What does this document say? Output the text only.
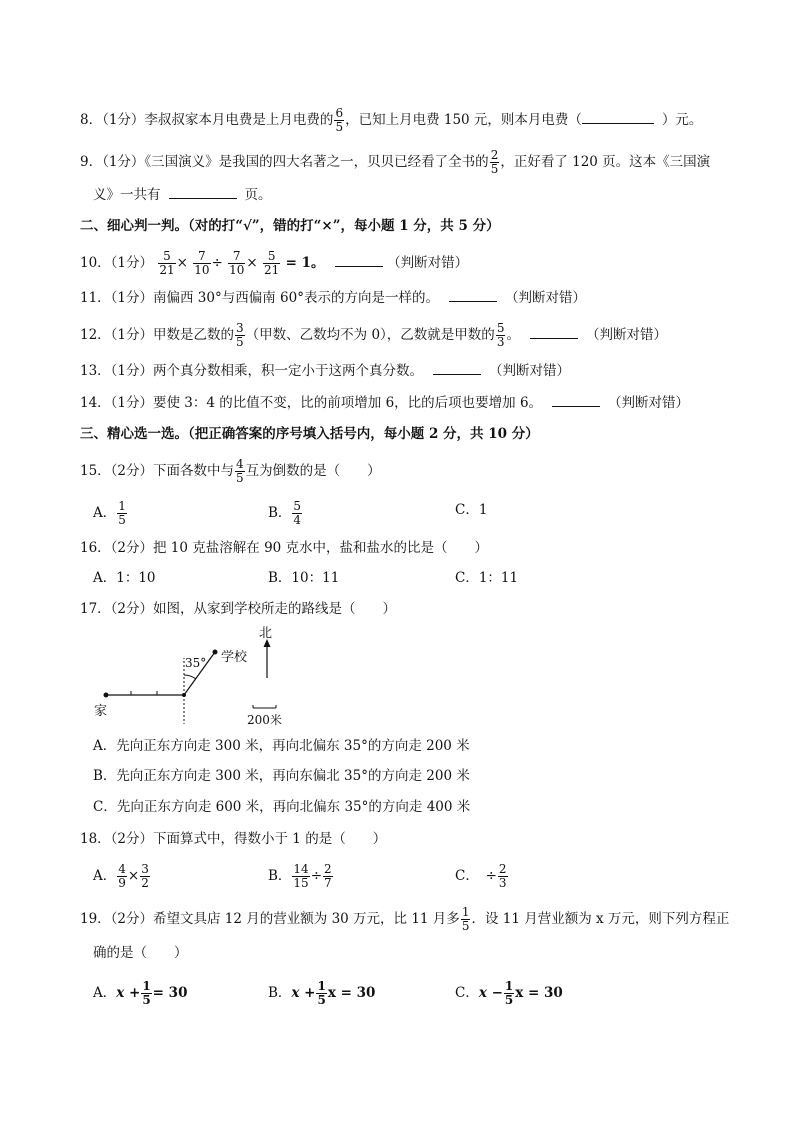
8．（1分）李叔叔家本月电费是上月电费的 $\frac{6}{5}$ ，已知上月电费 150 元，则本月电费（	）元。
9．（1分）《三国演义》是我国的四大名著之一，贝贝已经看了全书的 $\frac{2}{5}$ ，正好看了 120 页。这本《三国演
义》一共有	页。
二、细心判一判。（对的打“√”，错的打“×”，每小题 1 分，共 5 分）
10．（1分） $\frac{5}{21} \times \frac{7}{10} \div \frac{7}{10} \times \frac{5}{21} = 1$。	（判断对错）
11．（1分）南偏西 30°与西偏南 60°表示的方向是一样的。	（判断对错）
12．（1分）甲数是乙数的 $\frac{3}{5}$ （甲数、乙数均不为 0），乙数就是甲数的 $\frac{5}{3}$ 。	（判断对错）
13．（1分）两个真分数相乘，积一定小于这两个真分数。	（判断对错）
14．（1分）要使 3：4 的比值不变，比的前项增加 6，比的后项也要增加 6。	（判断对错）
三、精心选一选。（把正确答案的序号填入括号内，每小题 2 分，共 10 分）
15．（2分）下面各数中与 $\frac{4}{5}$ 互为倒数的是（　　）
A． $\frac{1}{5}$	B． $\frac{5}{4}$	C．1
16．（2分）把 10 克盐溶解在 90 克水中，盐和盐水的比是（　　）
A．1：10	B．10：11	C．1：11
17．（2分）如图，从家到学校所走的路线是（　　）
家
学校
北
35°
200米
A．先向正东方向走 300 米，再向北偏东 35°的方向走 200 米
B．先向正东方向走 300 米，再向东偏北 35°的方向走 200 米
C．先向正东方向走 600 米，再向北偏东 35°的方向走 400 米
18．（2分）下面算式中，得数小于 1 的是（　　）
A． $\frac{4}{9} \times \frac{3}{2}$	B． $\frac{14}{15} \div \frac{2}{7}$	C．　÷ $\frac{2}{3}$
19．（2分）希望文具店 12 月的营业额为 30 万元，比 11 月多 $\frac{1}{5}$ ．设 11 月营业额为 x 万元，则下列方程正
确的是（　　）
A．$x + \frac{1}{5} = 30$	B．$x + \frac{1}{5}$ x = 30	C．$x - \frac{1}{5}$ x = 30
